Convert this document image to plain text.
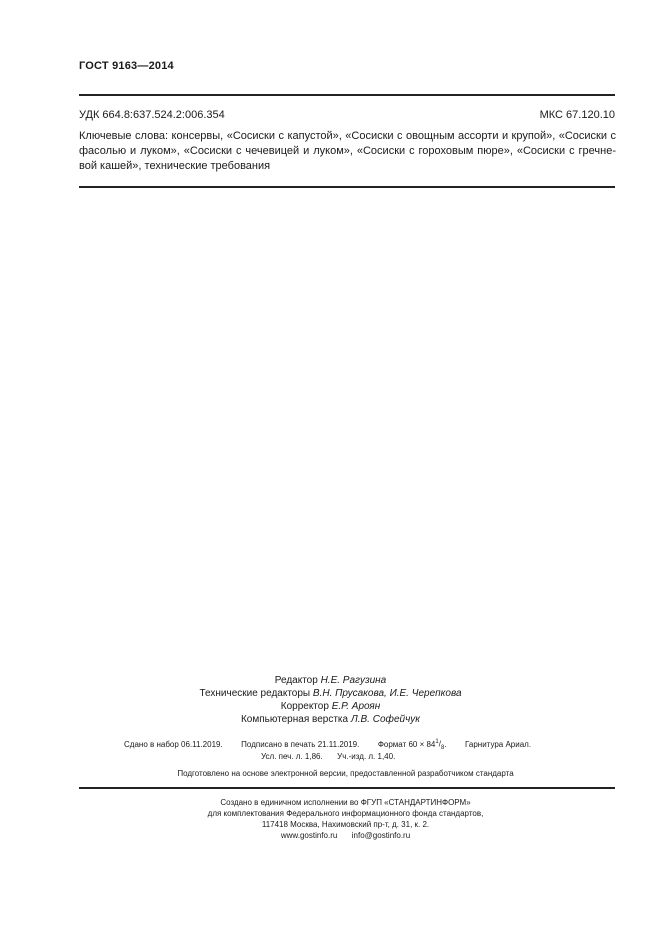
ГОСТ 9163—2014
УДК 664.8:637.524.2:006.354	МКС 67.120.10
Ключевые слова: консервы, «Сосиски с капустой», «Сосиски с овощным ассорти и крупой», «Сосиски с фасолью и луком», «Сосиски с чечевицей и луком», «Сосиски с гороховым пюре», «Сосиски с гречневой кашей», технические требования
Редактор Н.Е. Рагузина
Технические редакторы В.Н. Прусакова, И.Е. Черепкова
Корректор Е.Р. Ароян
Компьютерная верстка Л.В. Софейчук
Сдано в набор 06.11.2019. Подписано в печать 21.11.2019. Формат 60 × 841/8. Гарнитура Ариал.
Усл. печ. л. 1,86. Уч.-изд. л. 1,40.
Подготовлено на основе электронной версии, предоставленной разработчиком стандарта
Создано в единичном исполнении во ФГУП «СТАНДАРТИНФОРМ»
для комплектования Федерального информационного фонда стандартов,
117418 Москва, Нахимовский пр-т, д. 31, к. 2.
www.gostinfo.ru info@gostinfo.ru
